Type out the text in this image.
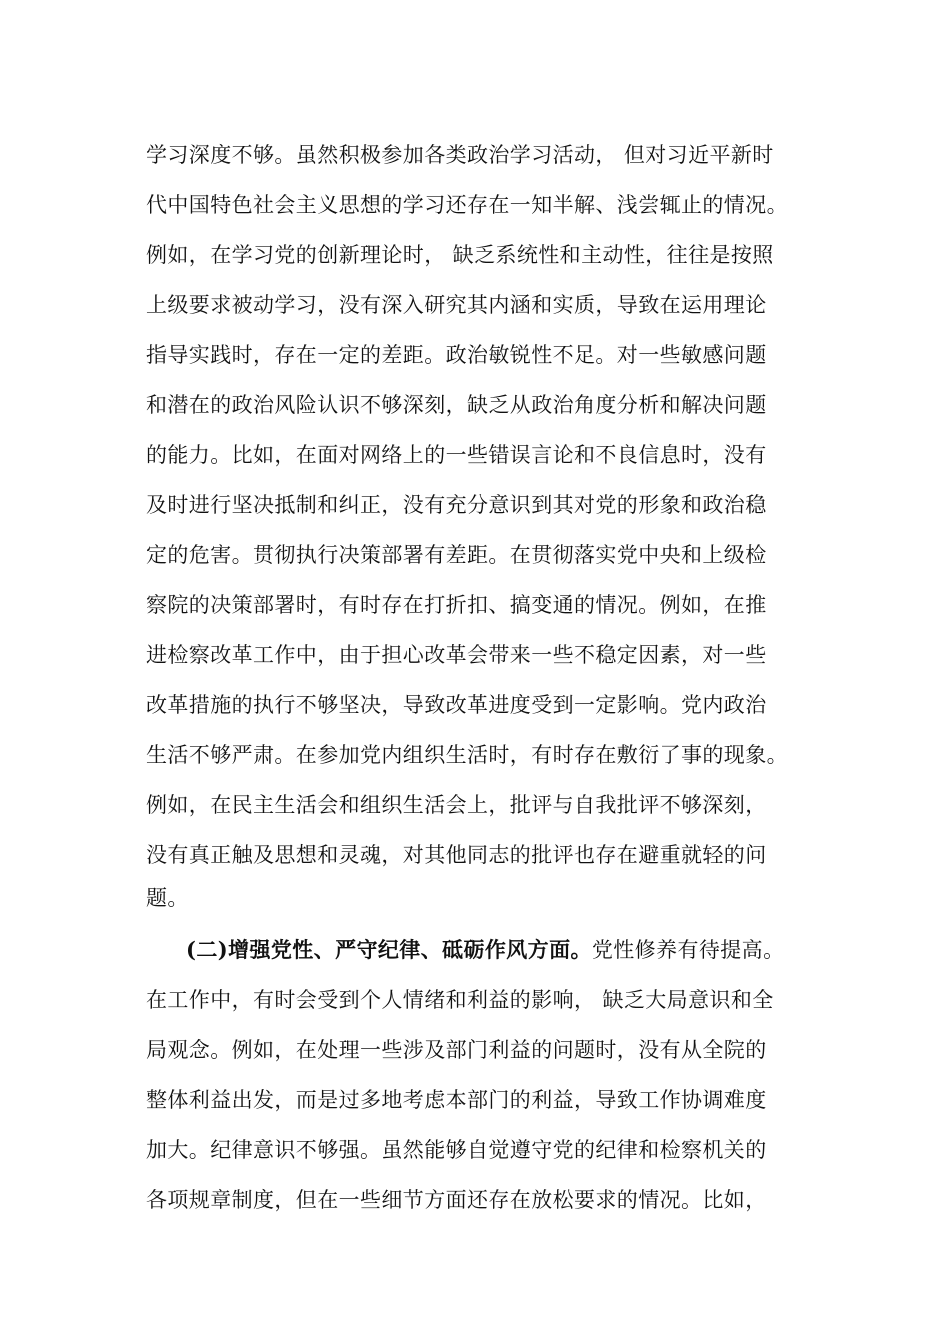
学习深度不够。虽然积极参加各类政治学习活动， 但对习近平新时
代中国特色社会主义思想的学习还存在一知半解、浅尝辄止的情况。
例如，在学习党的创新理论时， 缺乏系统性和主动性，往往是按照
上级要求被动学习，没有深入研究其内涵和实质，导致在运用理论
指导实践时，存在一定的差距。政治敏锐性不足。对一些敏感问题
和潜在的政治风险认识不够深刻，缺乏从政治角度分析和解决问题
的能力。比如，在面对网络上的一些错误言论和不良信息时，没有
及时进行坚决抵制和纠正，没有充分意识到其对党的形象和政治稳
定的危害。贯彻执行决策部署有差距。在贯彻落实党中央和上级检
察院的决策部署时，有时存在打折扣、搞变通的情况。例如，在推
进检察改革工作中，由于担心改革会带来一些不稳定因素，对一些
改革措施的执行不够坚决，导致改革进度受到一定影响。党内政治
生活不够严肃。在参加党内组织生活时，有时存在敷衍了事的现象。
例如，在民主生活会和组织生活会上，批评与自我批评不够深刻，
没有真正触及思想和灵魂，对其他同志的批评也存在避重就轻的问
题。
(二)增强党性、严守纪律、砥砺作风方面。党性修养有待提高。
在工作中，有时会受到个人情绪和利益的影响， 缺乏大局意识和全
局观念。例如，在处理一些涉及部门利益的问题时，没有从全院的
整体利益出发，而是过多地考虑本部门的利益，导致工作协调难度
加大。纪律意识不够强。虽然能够自觉遵守党的纪律和检察机关的
各项规章制度，但在一些细节方面还存在放松要求的情况。比如，
